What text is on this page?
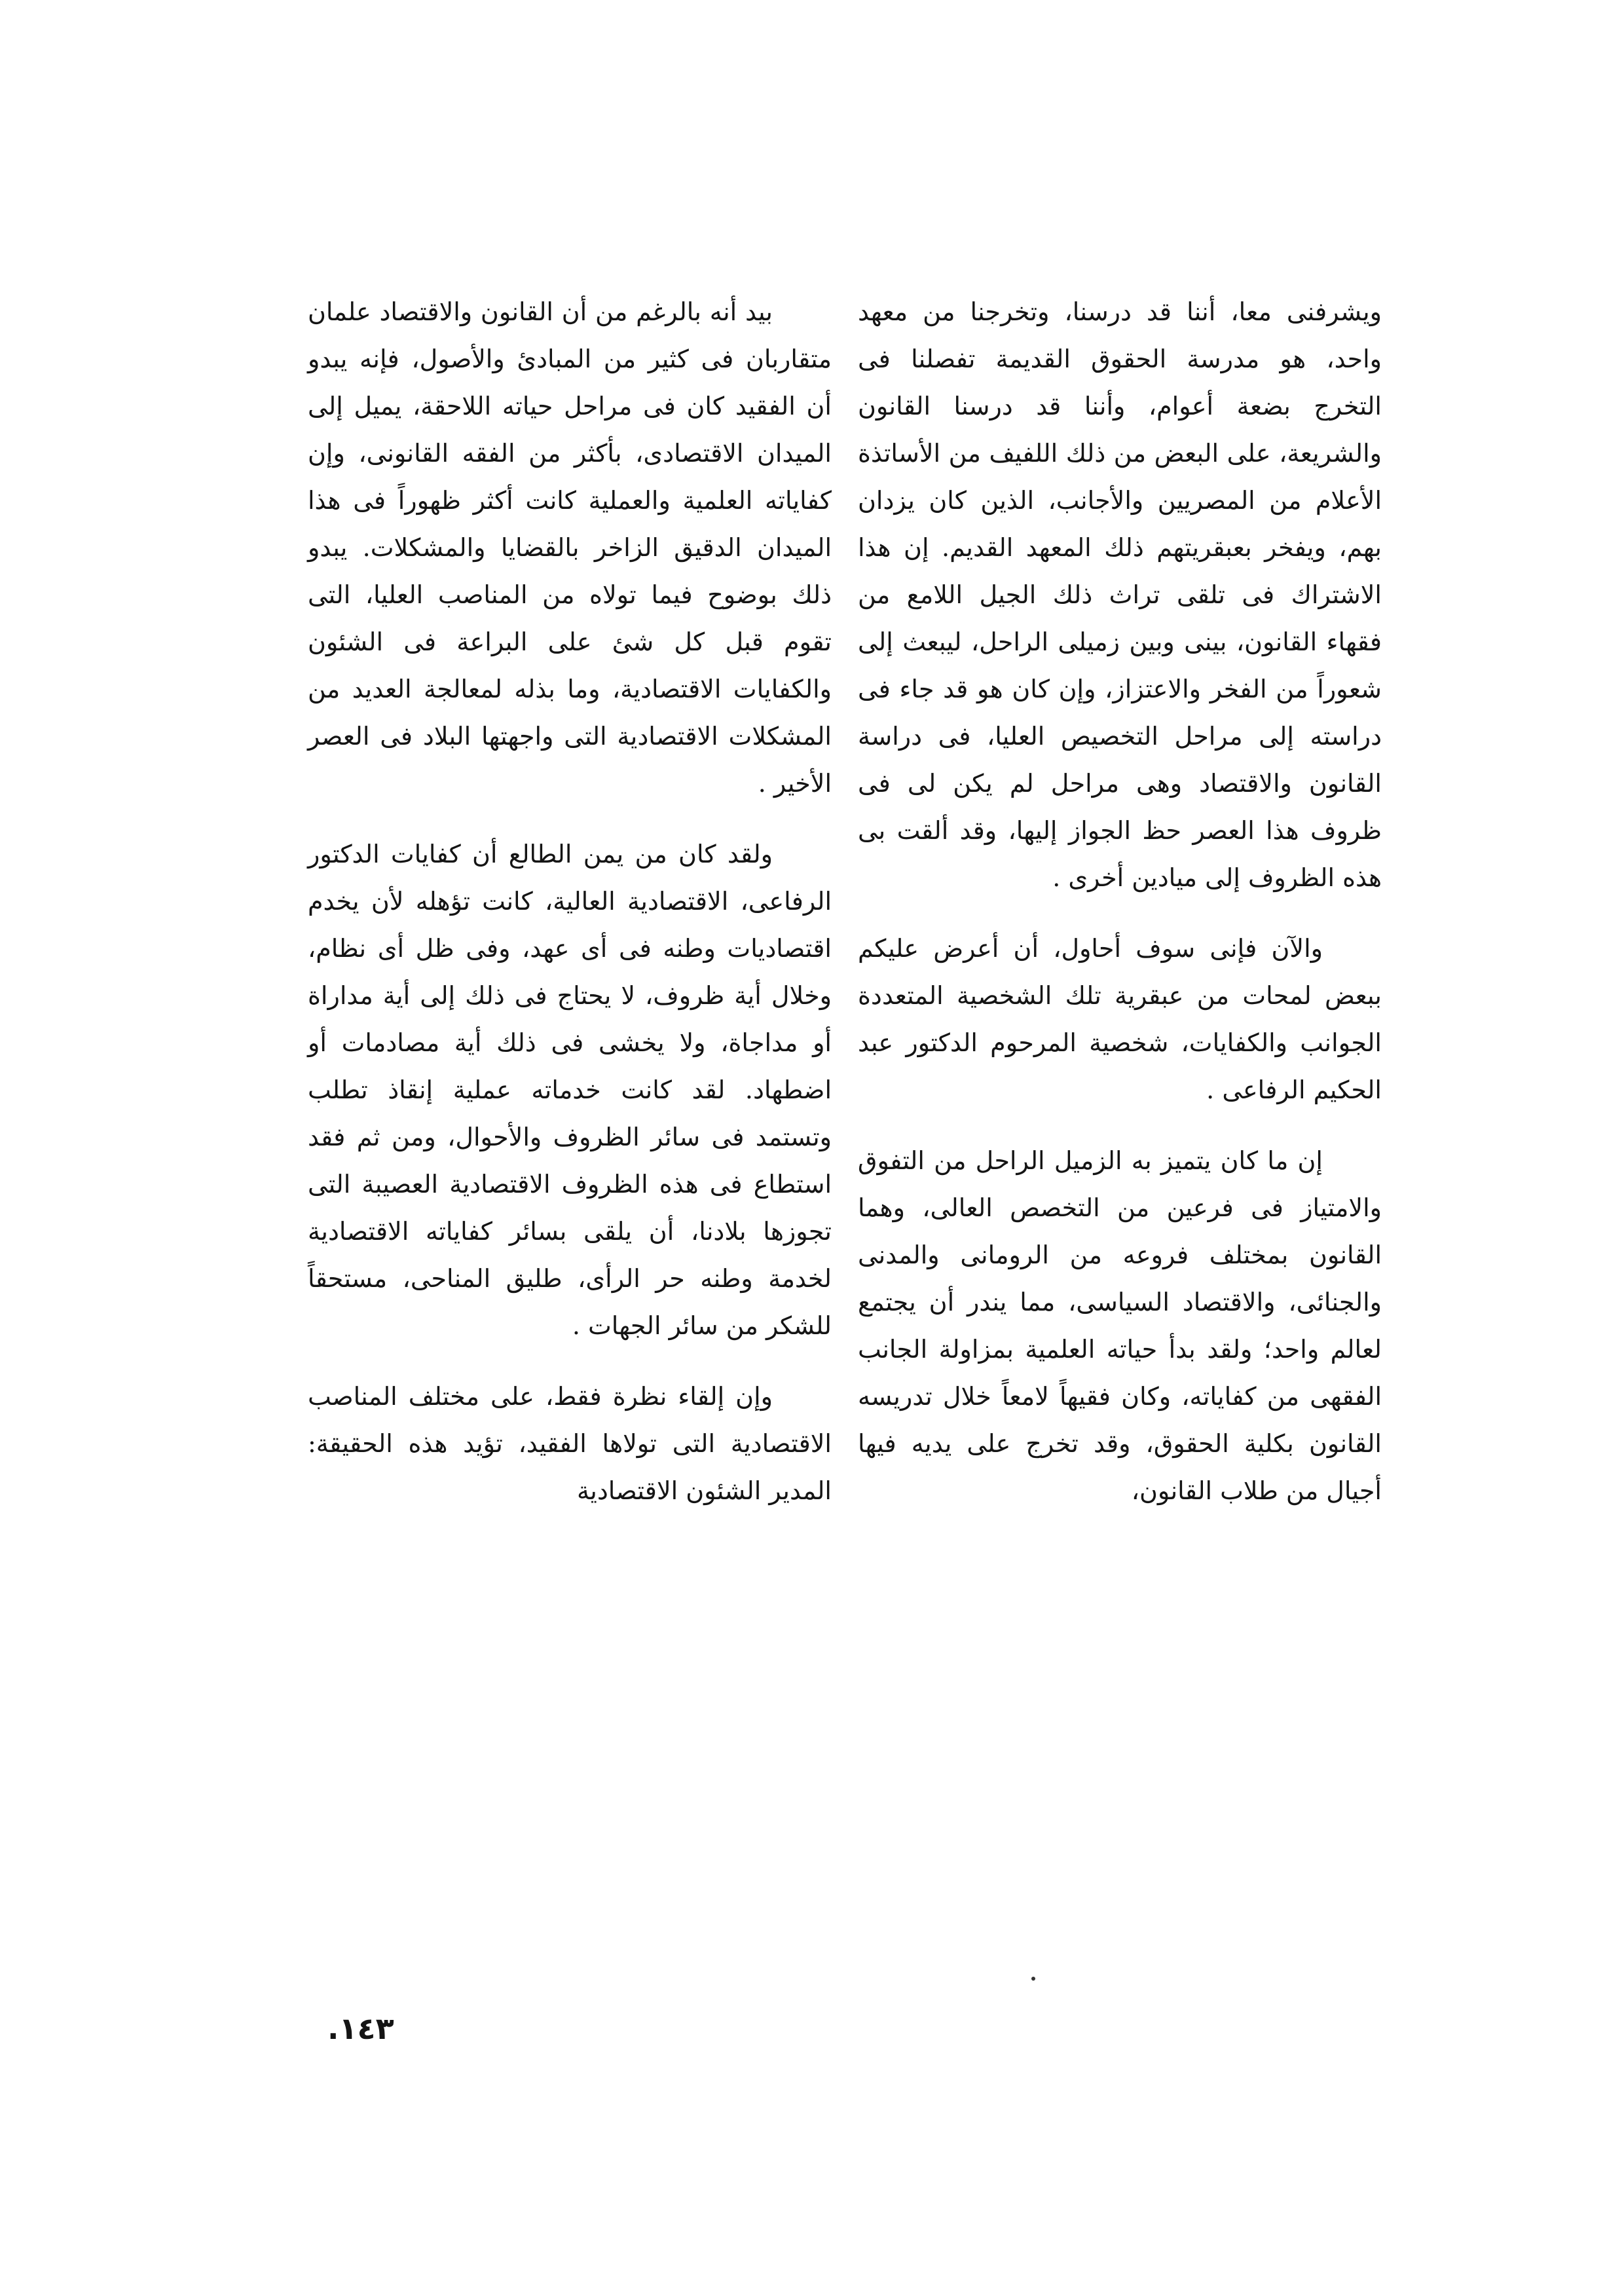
ويشرفنى معا، أننا قد درسنا، وتخرجنا من معهد واحد، هو مدرسة الحقوق القديمة تفصلنا فى التخرج بضعة أعوام، وأننا قد درسنا القانون والشريعة، على البعض من ذلك اللفيف من الأساتذة الأعلام من المصريين والأجانب، الذين كان يزدان بهم، ويفخر بعبقريتهم ذلك المعهد القديم. إن هذا الاشتراك فى تلقى تراث ذلك الجيل اللامع من فقهاء القانون، بينى وبين زميلى الراحل، ليبعث إلى شعوراً من الفخر والاعتزاز، وإن كان هو قد جاء فى دراسته إلى مراحل التخصيص العليا، فى دراسة القانون والاقتصاد وهى مراحل لم يكن لى فى ظروف هذا العصر حظ الجواز إليها، وقد ألقت بى هذه الظروف إلى ميادين أخرى .

والآن فإنى سوف أحاول، أن أعرض عليكم ببعض لمحات من عبقرية تلك الشخصية المتعددة الجوانب والكفايات، شخصية المرحوم الدكتور عبد الحكيم الرفاعى .

إن ما كان يتميز به الزميل الراحل من التفوق والامتياز فى فرعين من التخصص العالى، وهما القانون بمختلف فروعه من الرومانى والمدنى والجنائى، والاقتصاد السياسى، مما يندر أن يجتمع لعالم واحد؛ ولقد بدأ حياته العلمية بمزاولة الجانب الفقهى من كفاياته، وكان فقيهاً لامعاً خلال تدريسه القانون بكلية الحقوق، وقد تخرج على يديه فيها أجيال من طلاب القانون،

بيد أنه بالرغم من أن القانون والاقتصاد علمان متقاربان فى كثير من المبادئ والأصول، فإنه يبدو أن الفقيد كان فى مراحل حياته اللاحقة، يميل إلى الميدان الاقتصادى، بأكثر من الفقه القانونى، وإن كفاياته العلمية والعملية كانت أكثر ظهوراً فى هذا الميدان الدقيق الزاخر بالقضايا والمشكلات. يبدو ذلك بوضوح فيما تولاه من المناصب العليا، التى تقوم قبل كل شئ على البراعة فى الشئون والكفايات الاقتصادية، وما بذله لمعالجة العديد من المشكلات الاقتصادية التى واجهتها البلاد فى العصر الأخير .

ولقد كان من يمن الطالع أن كفايات الدكتور الرفاعى، الاقتصادية العالية، كانت تؤهله لأن يخدم اقتصاديات وطنه فى أى عهد، وفى ظل أى نظام، وخلال أية ظروف، لا يحتاج فى ذلك إلى أية مداراة أو مداجاة، ولا يخشى فى ذلك أية مصادمات أو اضطهاد. لقد كانت خدماته عملية إنقاذ تطلب وتستمد فى سائر الظروف والأحوال، ومن ثم فقد استطاع فى هذه الظروف الاقتصادية العصيبة التى تجوزها بلادنا، أن يلقى بسائر كفاياته الاقتصادية لخدمة وطنه حر الرأى، طليق المناحى، مستحقاً للشكر من سائر الجهات .

وإن إلقاء نظرة فقط، على مختلف المناصب الاقتصادية التى تولاها الفقيد، تؤيد هذه الحقيقة: المدير الشئون الاقتصادية

١٤٣.
